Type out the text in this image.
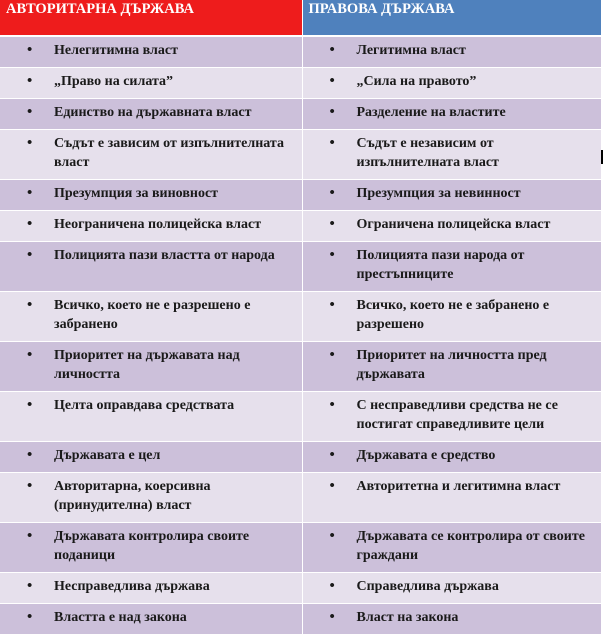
АВТОРИТАРНА ДЪРЖАВА	ПРАВОВА ДЪРЖАВА

• Нелегитимна власт	• Легитимна власт

• „Право на силата”	• „Сила на правото”

• Единство на държавната власт	• Разделение на властите

• Съдът е зависим от изпълнителната власт	• Съдът е независим от изпълнителната власт

• Презумпция за виновност	• Презумпция за невинност

• Неограничена полицейска власт	• Ограничена полицейска власт

• Полицията пази властта от народа	• Полицията пази народа от престъпниците

• Всичко, което не е разрешено е забранено	• Всичко, което не е забранено е разрешено

• Приоритет на държавата над личността	• Приоритет на личността пред държавата

• Целта оправдава средствата	• С несправедливи средства не се постигат справедливите цели

• Държавата е цел	• Държавата е средство

• Авторитарна, коерсивна (принудителна) власт	• Авторитетна и легитимна власт

• Държавата контролира своите поданици	• Държавата се контролира от своите граждани

• Несправедлива държава	• Справедлива държава

• Властта е над закона	• Власт на закона
